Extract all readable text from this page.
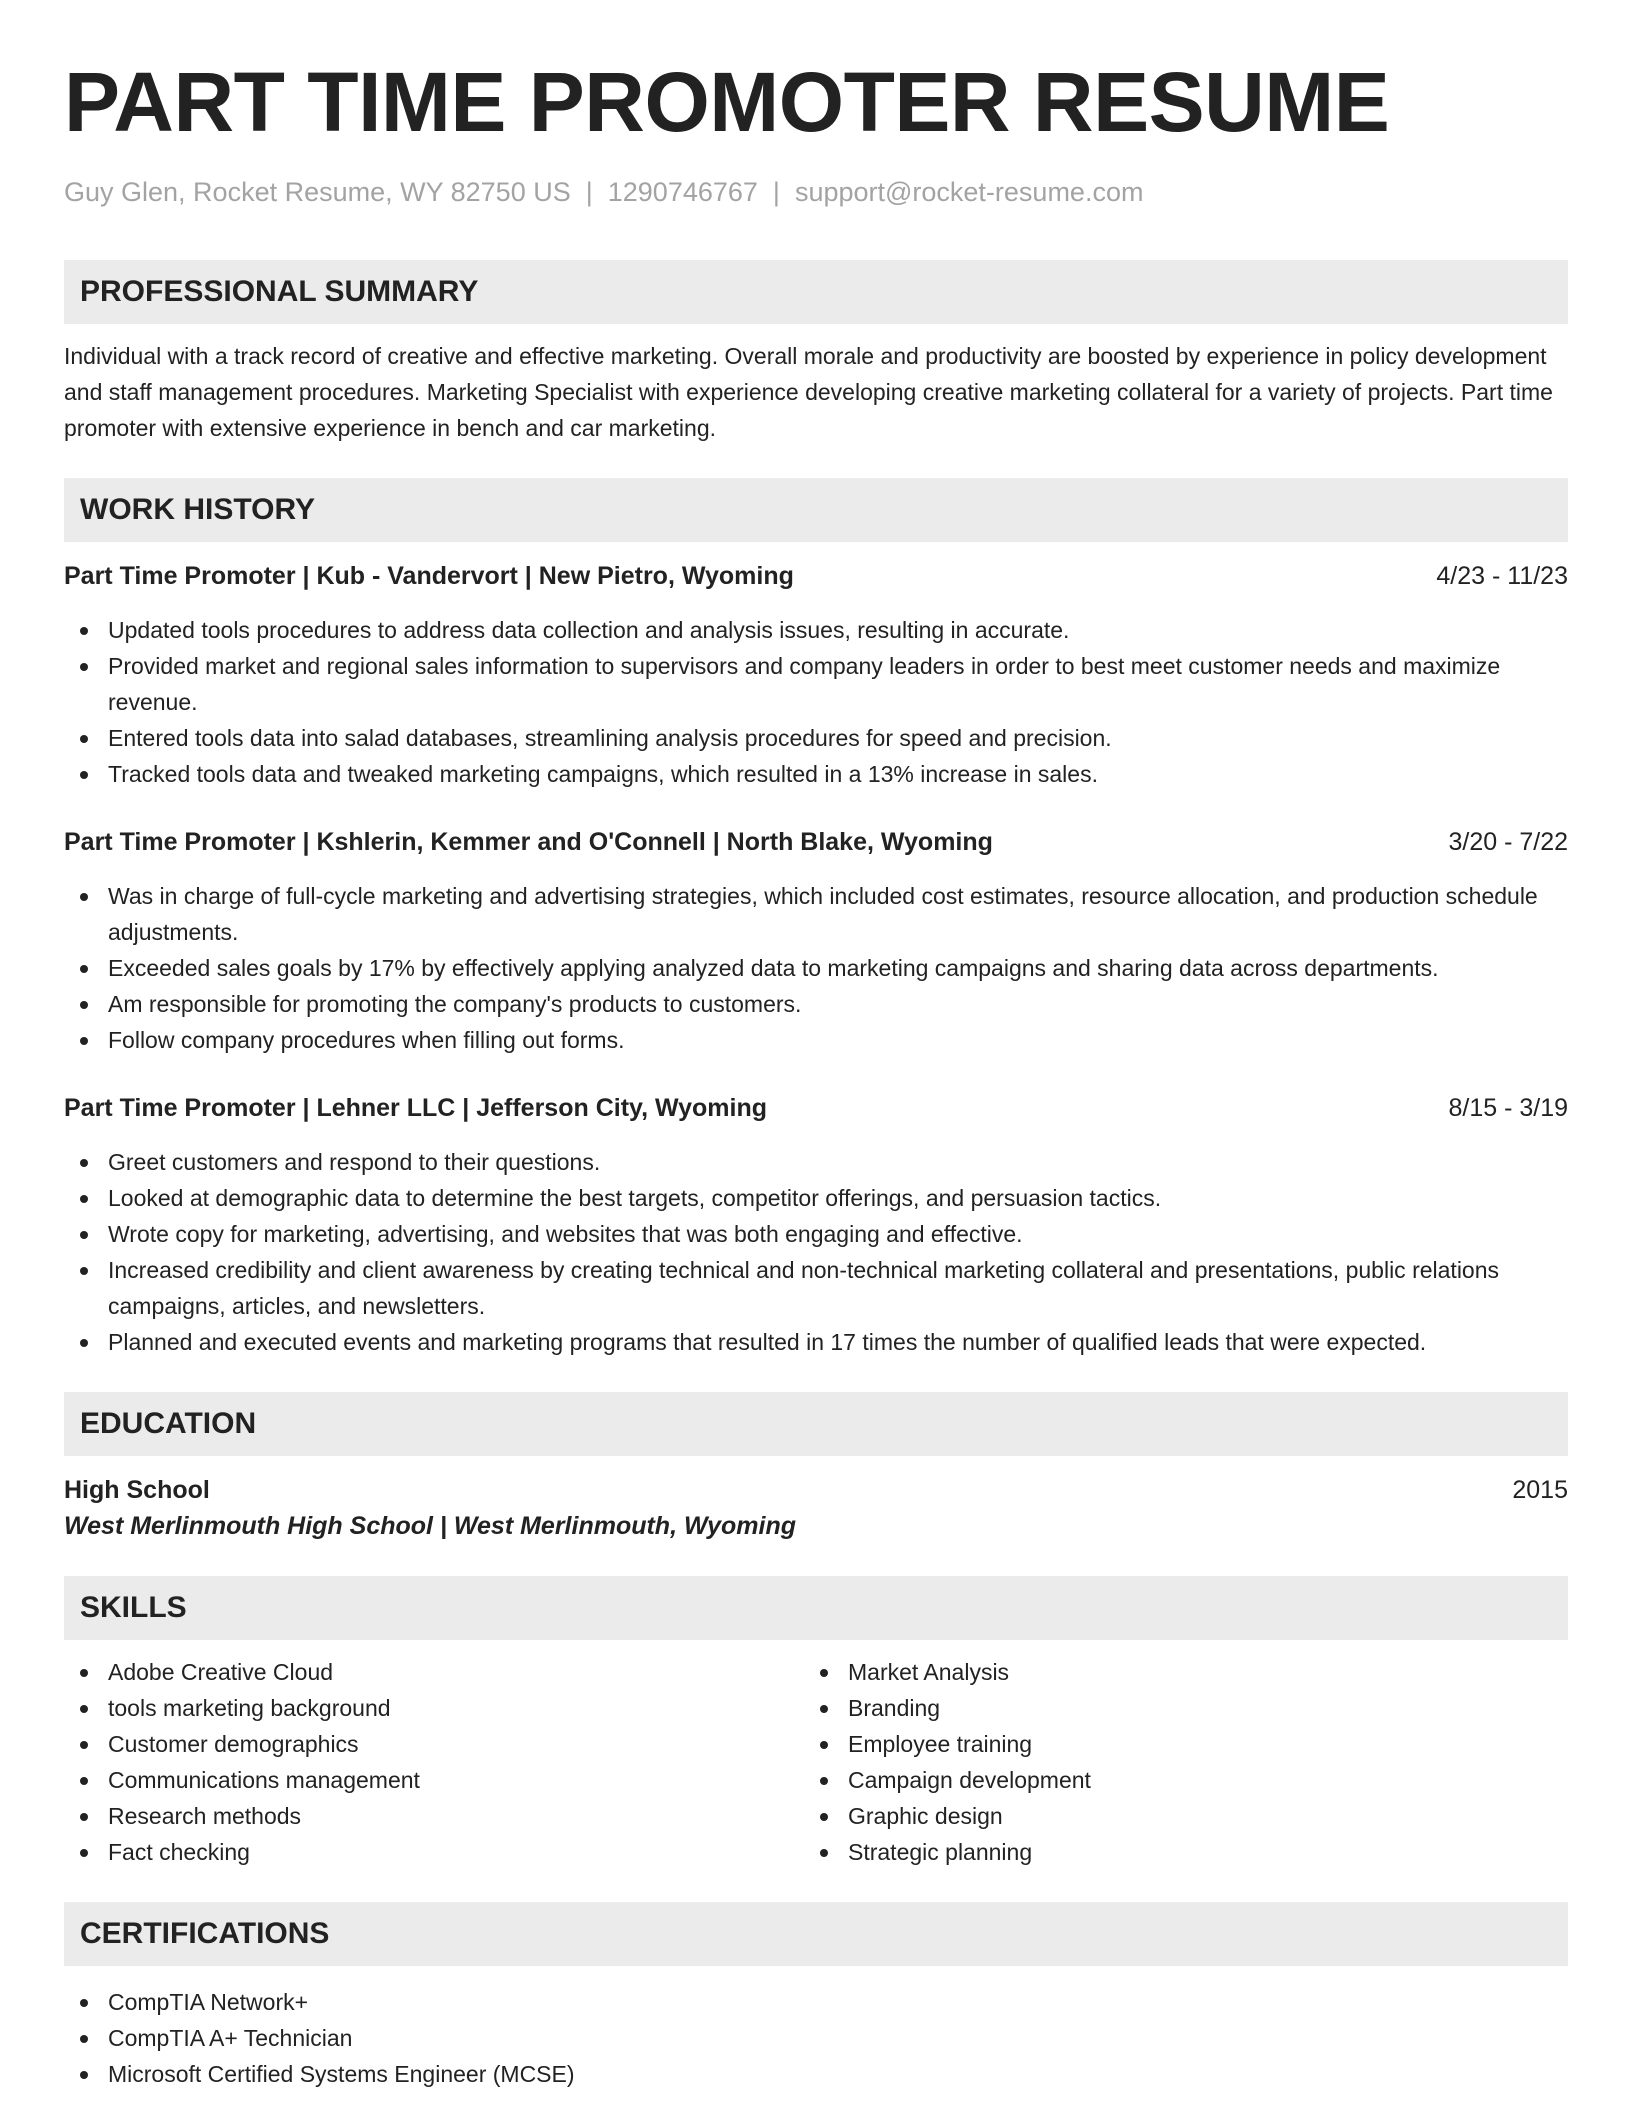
PART TIME PROMOTER RESUME
Guy Glen, Rocket Resume, WY 82750 US | 1290746767 | support@rocket-resume.com
PROFESSIONAL SUMMARY
Individual with a track record of creative and effective marketing. Overall morale and productivity are boosted by experience in policy development and staff management procedures. Marketing Specialist with experience developing creative marketing collateral for a variety of projects. Part time promoter with extensive experience in bench and car marketing.
WORK HISTORY
Part Time Promoter | Kub - Vandervort | New Pietro, Wyoming	4/23 - 11/23
Updated tools procedures to address data collection and analysis issues, resulting in accurate.
Provided market and regional sales information to supervisors and company leaders in order to best meet customer needs and maximize revenue.
Entered tools data into salad databases, streamlining analysis procedures for speed and precision.
Tracked tools data and tweaked marketing campaigns, which resulted in a 13% increase in sales.
Part Time Promoter | Kshlerin, Kemmer and O'Connell | North Blake, Wyoming	3/20 - 7/22
Was in charge of full-cycle marketing and advertising strategies, which included cost estimates, resource allocation, and production schedule adjustments.
Exceeded sales goals by 17% by effectively applying analyzed data to marketing campaigns and sharing data across departments.
Am responsible for promoting the company's products to customers.
Follow company procedures when filling out forms.
Part Time Promoter | Lehner LLC | Jefferson City, Wyoming	8/15 - 3/19
Greet customers and respond to their questions.
Looked at demographic data to determine the best targets, competitor offerings, and persuasion tactics.
Wrote copy for marketing, advertising, and websites that was both engaging and effective.
Increased credibility and client awareness by creating technical and non-technical marketing collateral and presentations, public relations campaigns, articles, and newsletters.
Planned and executed events and marketing programs that resulted in 17 times the number of qualified leads that were expected.
EDUCATION
High School	2015
West Merlinmouth High School | West Merlinmouth, Wyoming
SKILLS
Adobe Creative Cloud
tools marketing background
Customer demographics
Communications management
Research methods
Fact checking
Market Analysis
Branding
Employee training
Campaign development
Graphic design
Strategic planning
CERTIFICATIONS
CompTIA Network+
CompTIA A+ Technician
Microsoft Certified Systems Engineer (MCSE)
